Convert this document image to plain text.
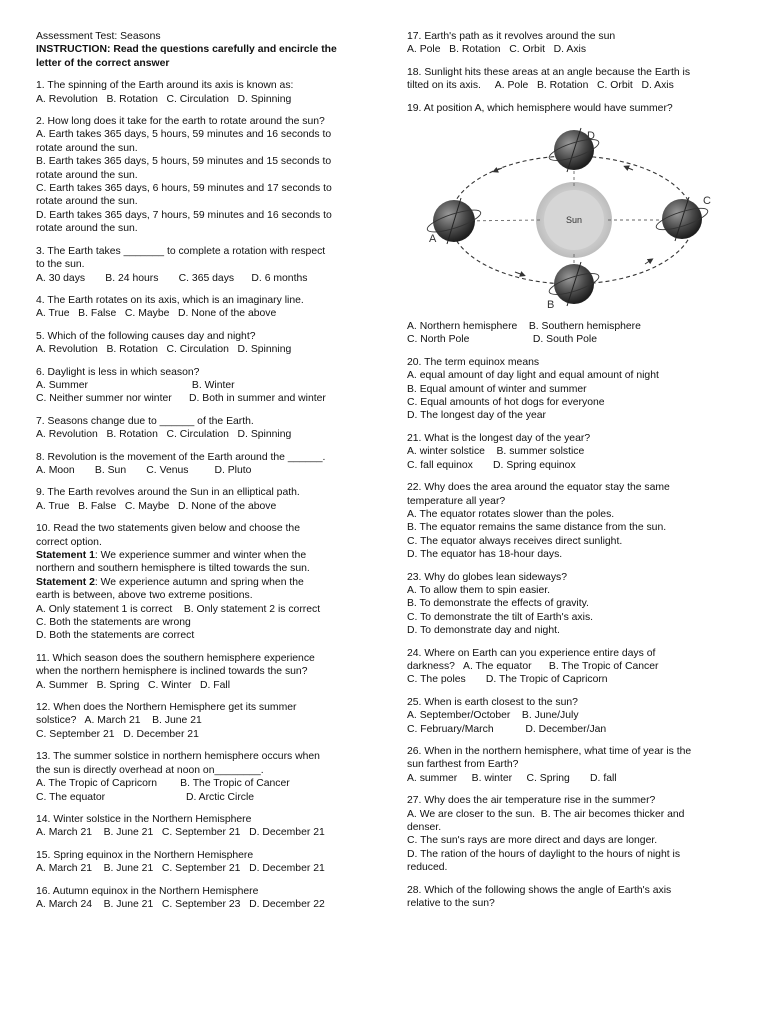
Assessment Test: Seasons
INSTRUCTION: Read the questions carefully and encircle the
letter of the correct answer
1. The spinning of the Earth around its axis is known as:
A. Revolution   B. Rotation   C. Circulation   D. Spinning
2. How long does it take for the earth to rotate around the sun?
A. Earth takes 365 days, 5 hours, 59 minutes and 16 seconds to
rotate around the sun.
B. Earth takes 365 days, 5 hours, 59 minutes and 15 seconds to
rotate around the sun.
C. Earth takes 365 days, 6 hours, 59 minutes and 17 seconds to
rotate around the sun.
D. Earth takes 365 days, 7 hours, 59 minutes and 16 seconds to
rotate around the sun.
3. The Earth takes _______ to complete a rotation with respect
to the sun.
A. 30 days       B. 24 hours       C. 365 days      D. 6 months
4. The Earth rotates on its axis, which is an imaginary line.
A. True   B. False   C. Maybe   D. None of the above
5. Which of the following causes day and night?
A. Revolution   B. Rotation   C. Circulation   D. Spinning
6. Daylight is less in which season?
A. Summer                                    B. Winter
C. Neither summer nor winter      D. Both in summer and winter
7. Seasons change due to ______ of the Earth.
A. Revolution   B. Rotation   C. Circulation   D. Spinning
8. Revolution is the movement of the Earth around the ______.
A. Moon       B. Sun       C. Venus         D. Pluto
9. The Earth revolves around the Sun in an elliptical path.
A. True   B. False   C. Maybe   D. None of the above
10. Read the two statements given below and choose the
correct option.
Statement 1: We experience summer and winter when the
northern and southern hemisphere is tilted towards the sun.
Statement 2: We experience autumn and spring when the
earth is between, above two extreme positions.
A. Only statement 1 is correct    B. Only statement 2 is correct
C. Both the statements are wrong
D. Both the statements are correct
11. Which season does the southern hemisphere experience
when the northern hemisphere is inclined towards the sun?
A. Summer   B. Spring   C. Winter   D. Fall
12. When does the Northern Hemisphere get its summer
solstice?   A. March 21    B. June 21
C. September 21   D. December 21
13. The summer solstice in northern hemisphere occurs when
the sun is directly overhead at noon on________.
A. The Tropic of Capricorn        B. The Tropic of Cancer
C. The equator                            D. Arctic Circle
14. Winter solstice in the Northern Hemisphere
A. March 21    B. June 21   C. September 21   D. December 21
15. Spring equinox in the Northern Hemisphere
A. March 21    B. June 21   C. September 21   D. December 21
16. Autumn equinox in the Northern Hemisphere
A. March 24    B. June 21   C. September 23   D. December 22
17. Earth's path as it revolves around the sun
A. Pole   B. Rotation   C. Orbit   D. Axis
18. Sunlight hits these areas at an angle because the Earth is
tilted on its axis.     A. Pole   B. Rotation   C. Orbit   D. Axis
19. At position A, which hemisphere would have summer?
Sun
D
A
C
B
A. Northern hemisphere    B. Southern hemisphere
C. North Pole                      D. South Pole
20. The term equinox means
A. equal amount of day light and equal amount of night
B. Equal amount of winter and summer
C. Equal amounts of hot dogs for everyone
D. The longest day of the year
21. What is the longest day of the year?
A. winter solstice    B. summer solstice
C. fall equinox       D. Spring equinox
22. Why does the area around the equator stay the same
temperature all year?
A. The equator rotates slower than the poles.
B. The equator remains the same distance from the sun.
C. The equator always receives direct sunlight.
D. The equator has 18-hour days.
23. Why do globes lean sideways?
A. To allow them to spin easier.
B. To demonstrate the effects of gravity.
C. To demonstrate the tilt of Earth's axis.
D. To demonstrate day and night.
24. Where on Earth can you experience entire days of
darkness?   A. The equator      B. The Tropic of Cancer
C. The poles       D. The Tropic of Capricorn
25. When is earth closest to the sun?
A. September/October    B. June/July
C. February/March           D. December/Jan
26. When in the northern hemisphere, what time of year is the
sun farthest from Earth?
A. summer     B. winter     C. Spring       D. fall
27. Why does the air temperature rise in the summer?
A. We are closer to the sun.  B. The air becomes thicker and
denser.
C. The sun's rays are more direct and days are longer.
D. The ration of the hours of daylight to the hours of night is
reduced.
28. Which of the following shows the angle of Earth's axis
relative to the sun?
